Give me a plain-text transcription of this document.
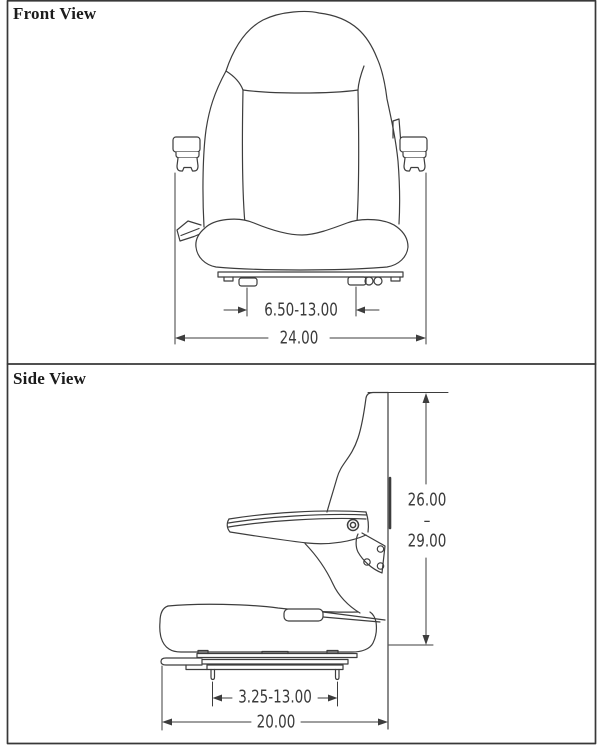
Front View
Side View
6.50-13.00
24.00
3.25-13.00
20.00
26.00
–
29.00
